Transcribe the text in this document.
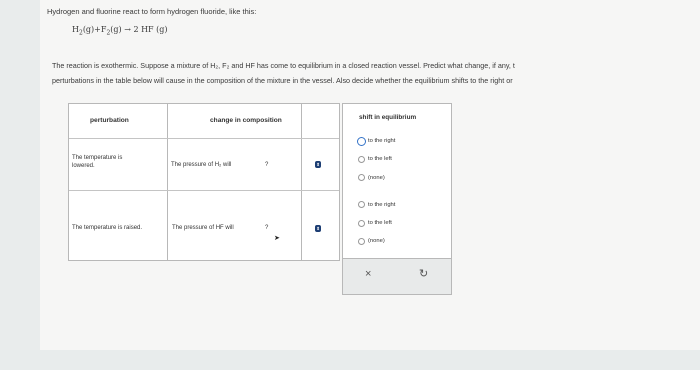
Hydrogen and fluorine react to form hydrogen fluoride, like this:
$H_2(g)+F_2(g) \to 2$ HF (g)
The reaction is exothermic. Suppose a mixture of H₂, F₂ and HF has come to equilibrium in a closed reaction vessel. Predict what change, if any, t
perturbations in the table below will cause in the composition of the mixture in the vessel. Also decide whether the equilibrium shifts to the right or
perturbation	change in composition
The temperature is
lowered.	The pressure of H₂ will	?	⬍
The temperature is raised.	The pressure of HF will	?	⬍
➤
shift in equilibrium
to the right
to the left
(none)
to the right
to the left
(none)
×	↻
